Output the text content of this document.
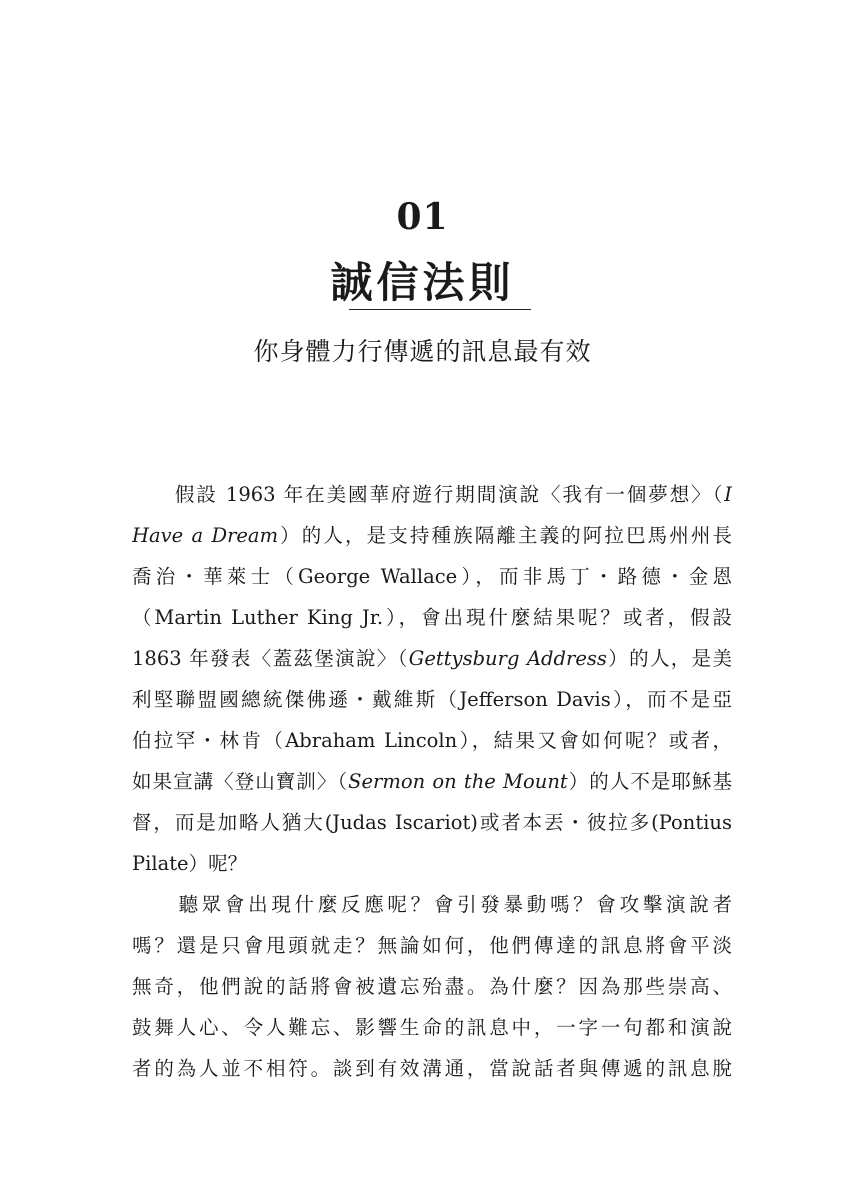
01
誠信法則
你身體力行傳遞的訊息最有效
　　假設 1963 年在美國華府遊行期間演說〈我有一個夢想〉（I
Have a Dream）的人，是支持種族隔離主義的阿拉巴馬州州長
喬治・華萊士（George Wallace），而非馬丁・路德・金恩
（Martin Luther King Jr.），會出現什麼結果呢？或者，假設
1863 年發表〈蓋茲堡演說〉（Gettysburg Address）的人，是美
利堅聯盟國總統傑佛遜・戴維斯（Jefferson Davis），而不是亞
伯拉罕・林肯（Abraham Lincoln），結果又會如何呢？或者，
如果宣講〈登山寶訓〉（Sermon on the Mount）的人不是耶穌基
督，而是加略人猶大(Judas Iscariot)或者本丟・彼拉多(Pontius
Pilate）呢？
　　聽眾會出現什麼反應呢？會引發暴動嗎？會攻擊演說者
嗎？還是只會甩頭就走？無論如何，他們傳達的訊息將會平淡
無奇，他們說的話將會被遺忘殆盡。為什麼？因為那些崇高、
鼓舞人心、令人難忘、影響生命的訊息中，一字一句都和演說
者的為人並不相符。談到有效溝通，當說話者與傳遞的訊息脫
